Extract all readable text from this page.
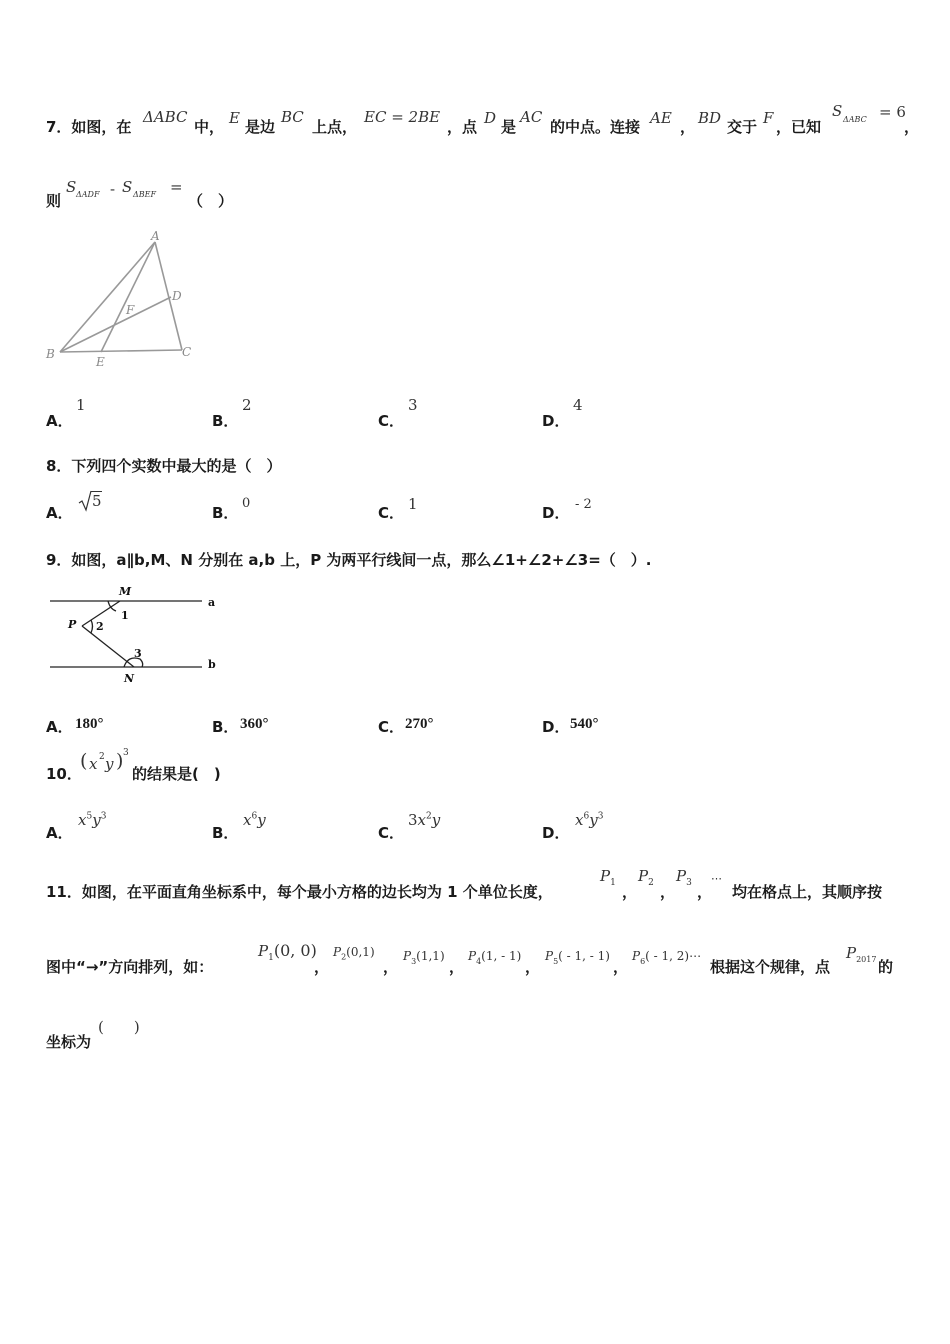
7．如图，在
ΔABC
中， E 是边
BC
上点，
EC = 2BE
，点 D 是
AC
的中点。连接 AE ， BD 交于 F ，已知
S ΔABC = 6
，
则
S ΔADF - S ΔBEF =
（　）
A
B	C
D
E
F
A．
1
B．
2
C．
3
D．
4
8．下列四个实数中最大的是（　）
A．
5
B．
0
C． 1	D． - 2
9．如图，a∥b,M、N 分别在 a,b 上，P 为两平行线间一点，那么∠1+∠2+∠3=（　）.
M
P
N
a
b
1
2
3
A． 180°	B． 360°	C． 270°	D． 540°
10．
( x 2 y ) 3
的结果是(　)
A．
$x^5y^3$
B．
$x^6y$
C．
$3x^2y$
D．
$x^6y^3$
11．如图，在平面直角坐标系中，每个最小方格的边长均为 1 个单位长度，
$P_1$ ，
$P_2$ ，
$P_3$ ，
⋯
均在格点上，其顺序按
图中“→”方向排列，如：
$P_1(0$, 0)
，
$P_2(0,1)$
，
$P_3(1,1)$
，
$P_4(1$, - 1)
，
$P_5( - 1$, - 1)
，
$P_6( - 1$, 2)⋯
根据这个规律，点
$P_{2017}$ 的
坐标为
(　　)
